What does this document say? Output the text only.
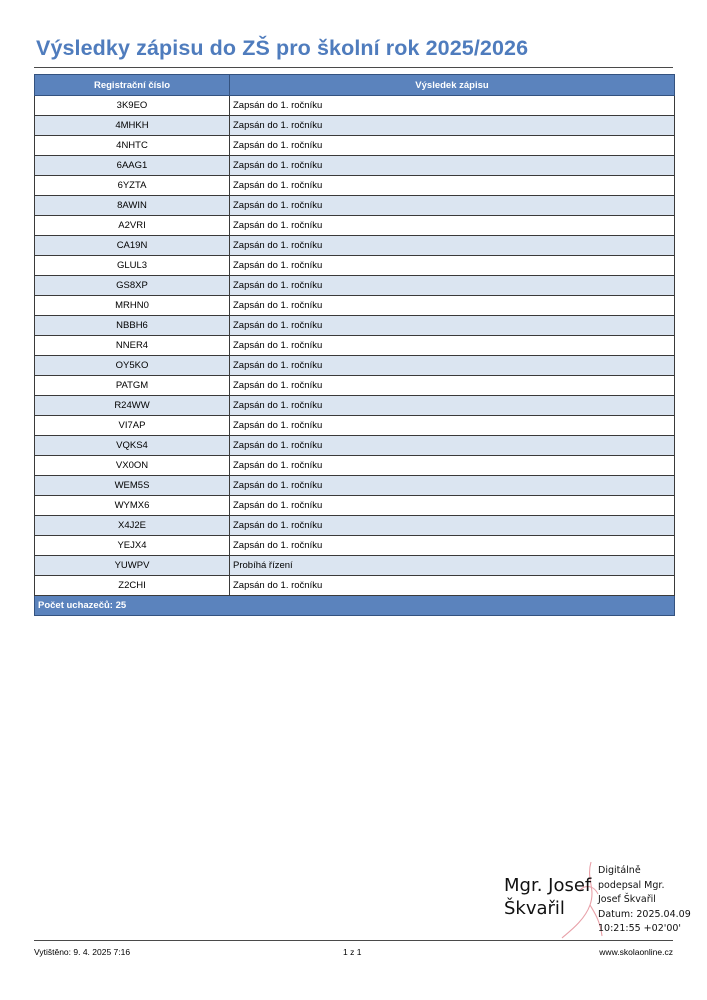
Výsledky zápisu do ZŠ pro školní rok 2025/2026
Registrační číslo	Výsledek zápisu
3K9EO	Zapsán do 1. ročníku
4MHKH	Zapsán do 1. ročníku
4NHTC	Zapsán do 1. ročníku
6AAG1	Zapsán do 1. ročníku
6YZTA	Zapsán do 1. ročníku
8AWIN	Zapsán do 1. ročníku
A2VRI	Zapsán do 1. ročníku
CA19N	Zapsán do 1. ročníku
GLUL3	Zapsán do 1. ročníku
GS8XP	Zapsán do 1. ročníku
MRHN0	Zapsán do 1. ročníku
NBBH6	Zapsán do 1. ročníku
NNER4	Zapsán do 1. ročníku
OY5KO	Zapsán do 1. ročníku
PATGM	Zapsán do 1. ročníku
R24WW	Zapsán do 1. ročníku
VI7AP	Zapsán do 1. ročníku
VQKS4	Zapsán do 1. ročníku
VX0ON	Zapsán do 1. ročníku
WEM5S	Zapsán do 1. ročníku
WYMX6	Zapsán do 1. ročníku
X4J2E	Zapsán do 1. ročníku
YEJX4	Zapsán do 1. ročníku
YUWPV	Probíhá řízení
Z2CHI	Zapsán do 1. ročníku
Počet uchazečů: 25	
Mgr. Josef
Škvařil
Digitálně
podepsal Mgr.
Josef Škvařil
Datum: 2025.04.09
10:21:55 +02'00'
Vytištěno: 9. 4. 2025 7:16	1 z 1	www.skolaonline.cz
